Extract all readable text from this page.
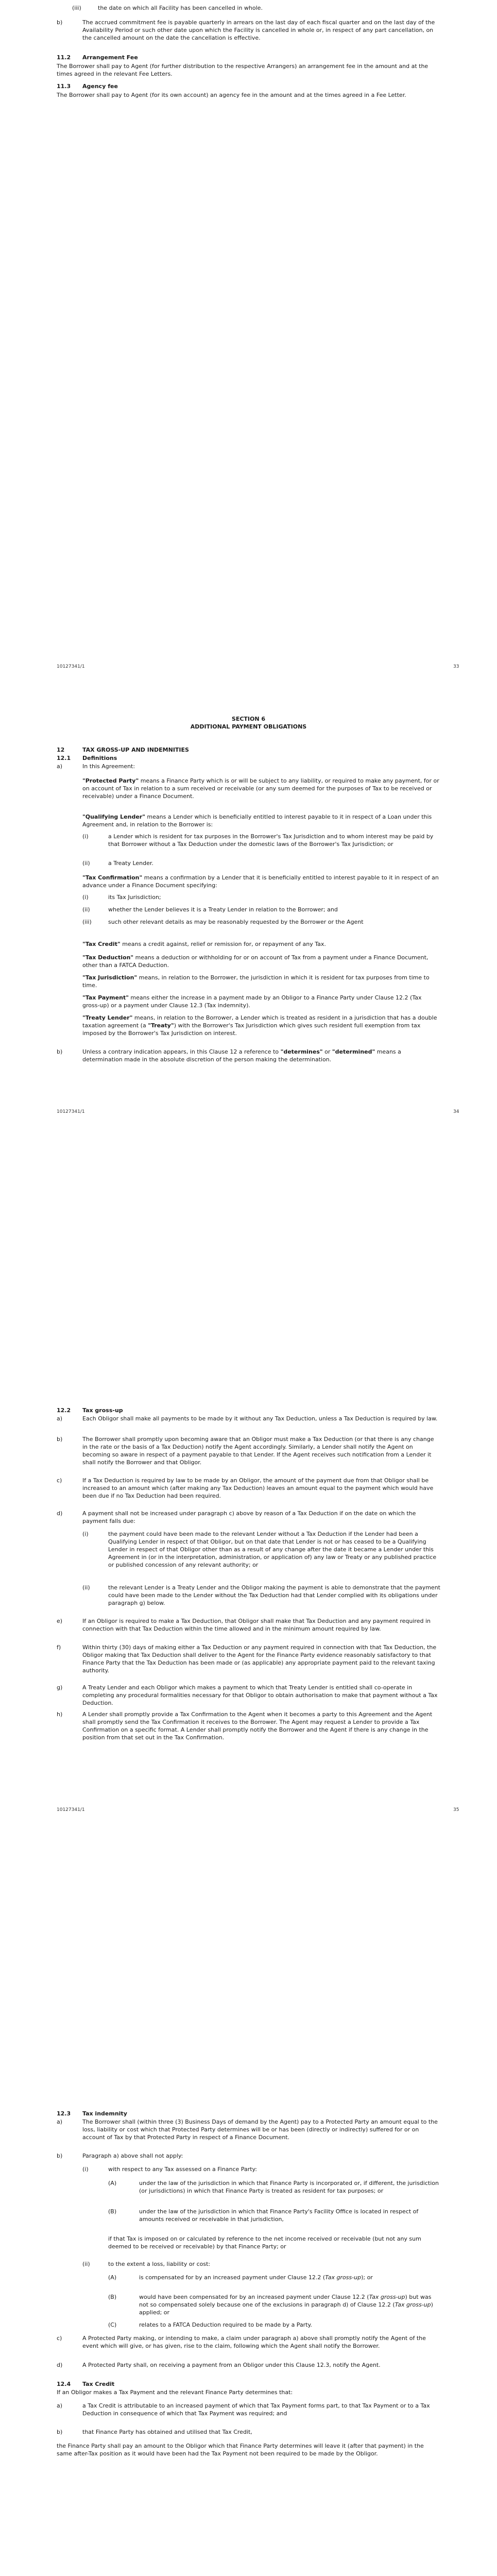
(iii)	the date on which all Facility has been cancelled in whole.

b)	The accrued commitment fee is payable quarterly in arrears on the last day of each fiscal quarter and on the last day of the Availability Period or such other date upon which the Facility is cancelled in whole or, in respect of any part cancellation, on the cancelled amount on the date the cancellation is effective.

11.2 Arrangement Fee

The Borrower shall pay to Agent (for further distribution to the respective Arrangers) an arrangement fee in the amount and at the times agreed in the relevant Fee Letters.

11.3 Agency fee

The Borrower shall pay to Agent (for its own account) an agency fee in the amount and at the times agreed in a Fee Letter.

10127341/1	33
SECTION 6
ADDITIONAL PAYMENT OBLIGATIONS
12	TAX GROSS-UP AND INDEMNITIES
12.1 Definitions
a)	In this Agreement:

"Protected Party" means a Finance Party which is or will be subject to any liability, or required to make any payment, for or on account of Tax in relation to a sum received or receivable (or any sum deemed for the purposes of Tax to be received or receivable) under a Finance Document.

"Qualifying Lender" means a Lender which is beneficially entitled to interest payable to it in respect of a Loan under this Agreement and, in relation to the Borrower is:

(i)	a Lender which is resident for tax purposes in the Borrower's Tax Jurisdiction and to whom interest may be paid by that Borrower without a Tax Deduction under the domestic laws of the Borrower's Tax Jurisdiction; or

(ii)	a Treaty Lender.

"Tax Confirmation" means a confirmation by a Lender that it is beneficially entitled to interest payable to it in respect of an advance under a Finance Document specifying:

(i)	its Tax Jurisdiction;

(ii)	whether the Lender believes it is a Treaty Lender in relation to the Borrower; and

(iii)	such other relevant details as may be reasonably requested by the Borrower or the Agent

"Tax Credit" means a credit against, relief or remission for, or repayment of any Tax.

"Tax Deduction" means a deduction or withholding for or on account of Tax from a payment under a Finance Document, other than a FATCA Deduction.

"Tax Jurisdiction" means, in relation to the Borrower, the jurisdiction in which it is resident for tax purposes from time to time.

"Tax Payment" means either the increase in a payment made by an Obligor to a Finance Party under Clause 12.2 (Tax gross-up) or a payment under Clause 12.3 (Tax indemnity).

"Treaty Lender" means, in relation to the Borrower, a Lender which is treated as resident in a jurisdiction that has a double taxation agreement (a "Treaty") with the Borrower's Tax Jurisdiction which gives such resident full exemption from tax imposed by the Borrower's Tax Jurisdiction on interest.

b)	Unless a contrary indication appears, in this Clause 12 a reference to "determines" or "determined" means a determination made in the absolute discretion of the person making the determination.

10127341/1	34
12.2 Tax gross-up
a)	Each Obligor shall make all payments to be made by it without any Tax Deduction, unless a Tax Deduction is required by law.

b)	The Borrower shall promptly upon becoming aware that an Obligor must make a Tax Deduction (or that there is any change in the rate or the basis of a Tax Deduction) notify the Agent accordingly. Similarly, a Lender shall notify the Agent on becoming so aware in respect of a payment payable to that Lender. If the Agent receives such notification from a Lender it shall notify the Borrower and that Obligor.

c)	If a Tax Deduction is required by law to be made by an Obligor, the amount of the payment due from that Obligor shall be increased to an amount which (after making any Tax Deduction) leaves an amount equal to the payment which would have been due if no Tax Deduction had been required.

d)	A payment shall not be increased under paragraph c) above by reason of a Tax Deduction if on the date on which the payment falls due:

(i)	the payment could have been made to the relevant Lender without a Tax Deduction if the Lender had been a Qualifying Lender in respect of that Obligor, but on that date that Lender is not or has ceased to be a Qualifying Lender in respect of that Obligor other than as a result of any change after the date it became a Lender under this Agreement in (or in the interpretation, administration, or application of) any law or Treaty or any published practice or published concession of any relevant authority; or

(ii)	the relevant Lender is a Treaty Lender and the Obligor making the payment is able to demonstrate that the payment could have been made to the Lender without the Tax Deduction had that Lender complied with its obligations under paragraph g) below.

e)	If an Obligor is required to make a Tax Deduction, that Obligor shall make that Tax Deduction and any payment required in connection with that Tax Deduction within the time allowed and in the minimum amount required by law.

f)	Within thirty (30) days of making either a Tax Deduction or any payment required in connection with that Tax Deduction, the Obligor making that Tax Deduction shall deliver to the Agent for the Finance Party evidence reasonably satisfactory to that Finance Party that the Tax Deduction has been made or (as applicable) any appropriate payment paid to the relevant taxing authority.

g)	A Treaty Lender and each Obligor which makes a payment to which that Treaty Lender is entitled shall co-operate in completing any procedural formalities necessary for that Obligor to obtain authorisation to make that payment without a Tax Deduction.

h)	A Lender shall promptly provide a Tax Confirmation to the Agent when it becomes a party to this Agreement and the Agent shall promptly send the Tax Confirmation it receives to the Borrower. The Agent may request a Lender to provide a Tax Confirmation on a specific format. A Lender shall promptly notify the Borrower and the Agent if there is any change in the position from that set out in the Tax Confirmation.

10127341/1	35
12.3 Tax indemnity
a)	The Borrower shall (within three (3) Business Days of demand by the Agent) pay to a Protected Party an amount equal to the loss, liability or cost which that Protected Party determines will be or has been (directly or indirectly) suffered for or on account of Tax by that Protected Party in respect of a Finance Document.

b)	Paragraph a) above shall not apply:

(i)	with respect to any Tax assessed on a Finance Party:

(A)	under the law of the jurisdiction in which that Finance Party is incorporated or, if different, the jurisdiction (or jurisdictions) in which that Finance Party is treated as resident for tax purposes; or

(B)	under the law of the jurisdiction in which that Finance Party's Facility Office is located in respect of amounts received or receivable in that jurisdiction,

if that Tax is imposed on or calculated by reference to the net income received or receivable (but not any sum deemed to be received or receivable) by that Finance Party; or

(ii)	to the extent a loss, liability or cost:

(A)	is compensated for by an increased payment under Clause 12.2 (Tax gross-up); or

(B)	would have been compensated for by an increased payment under Clause 12.2 (Tax gross-up) but was not so compensated solely because one of the exclusions in paragraph d) of Clause 12.2 (Tax gross-up) applied; or

(C)	relates to a FATCA Deduction required to be made by a Party.

c)	A Protected Party making, or intending to make, a claim under paragraph a) above shall promptly notify the Agent of the event which will give, or has given, rise to the claim, following which the Agent shall notify the Borrower.

d)	A Protected Party shall, on receiving a payment from an Obligor under this Clause 12.3, notify the Agent.

12.4 Tax Credit

If an Obligor makes a Tax Payment and the relevant Finance Party determines that:

a)	a Tax Credit is attributable to an increased payment of which that Tax Payment forms part, to that Tax Payment or to a Tax Deduction in consequence of which that Tax Payment was required; and

b)	that Finance Party has obtained and utilised that Tax Credit,

the Finance Party shall pay an amount to the Obligor which that Finance Party determines will leave it (after that payment) in the same after-Tax position as it would have been had the Tax Payment not been required to be made by the Obligor.
